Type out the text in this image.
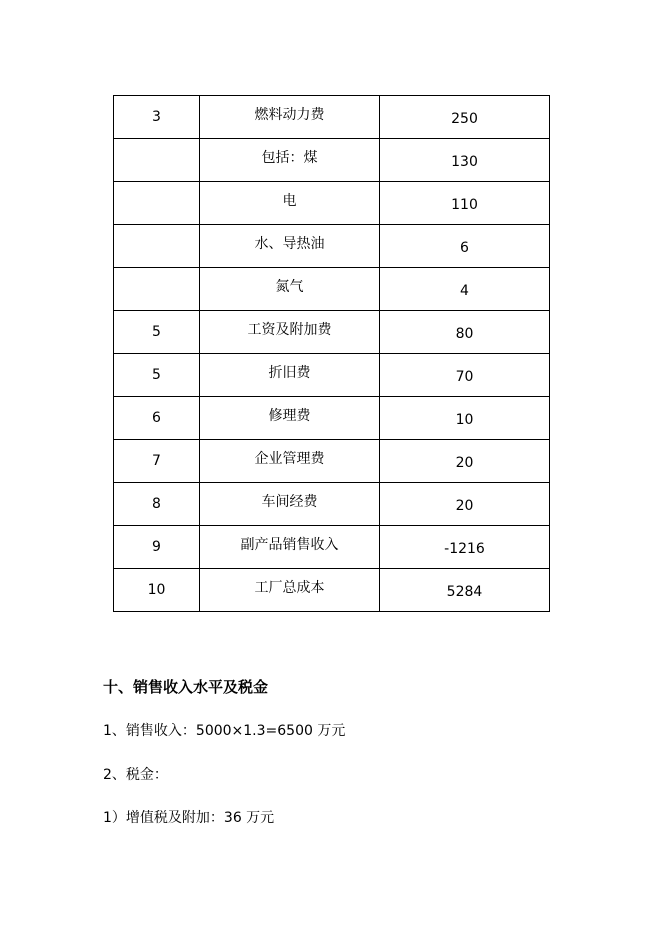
3	燃料动力费	250
	包括：煤	130
	电	110
	水、导热油	6
	氮气	4
5	工资及附加费	80
5	折旧费	70
6	修理费	10
7	企业管理费	20
8	车间经费	20
9	副产品销售收入	-1216
10	工厂总成本	5284
十、销售收入水平及税金

1、销售收入：5000×1.3=6500 万元

2、税金：

1）增值税及附加：36 万元
